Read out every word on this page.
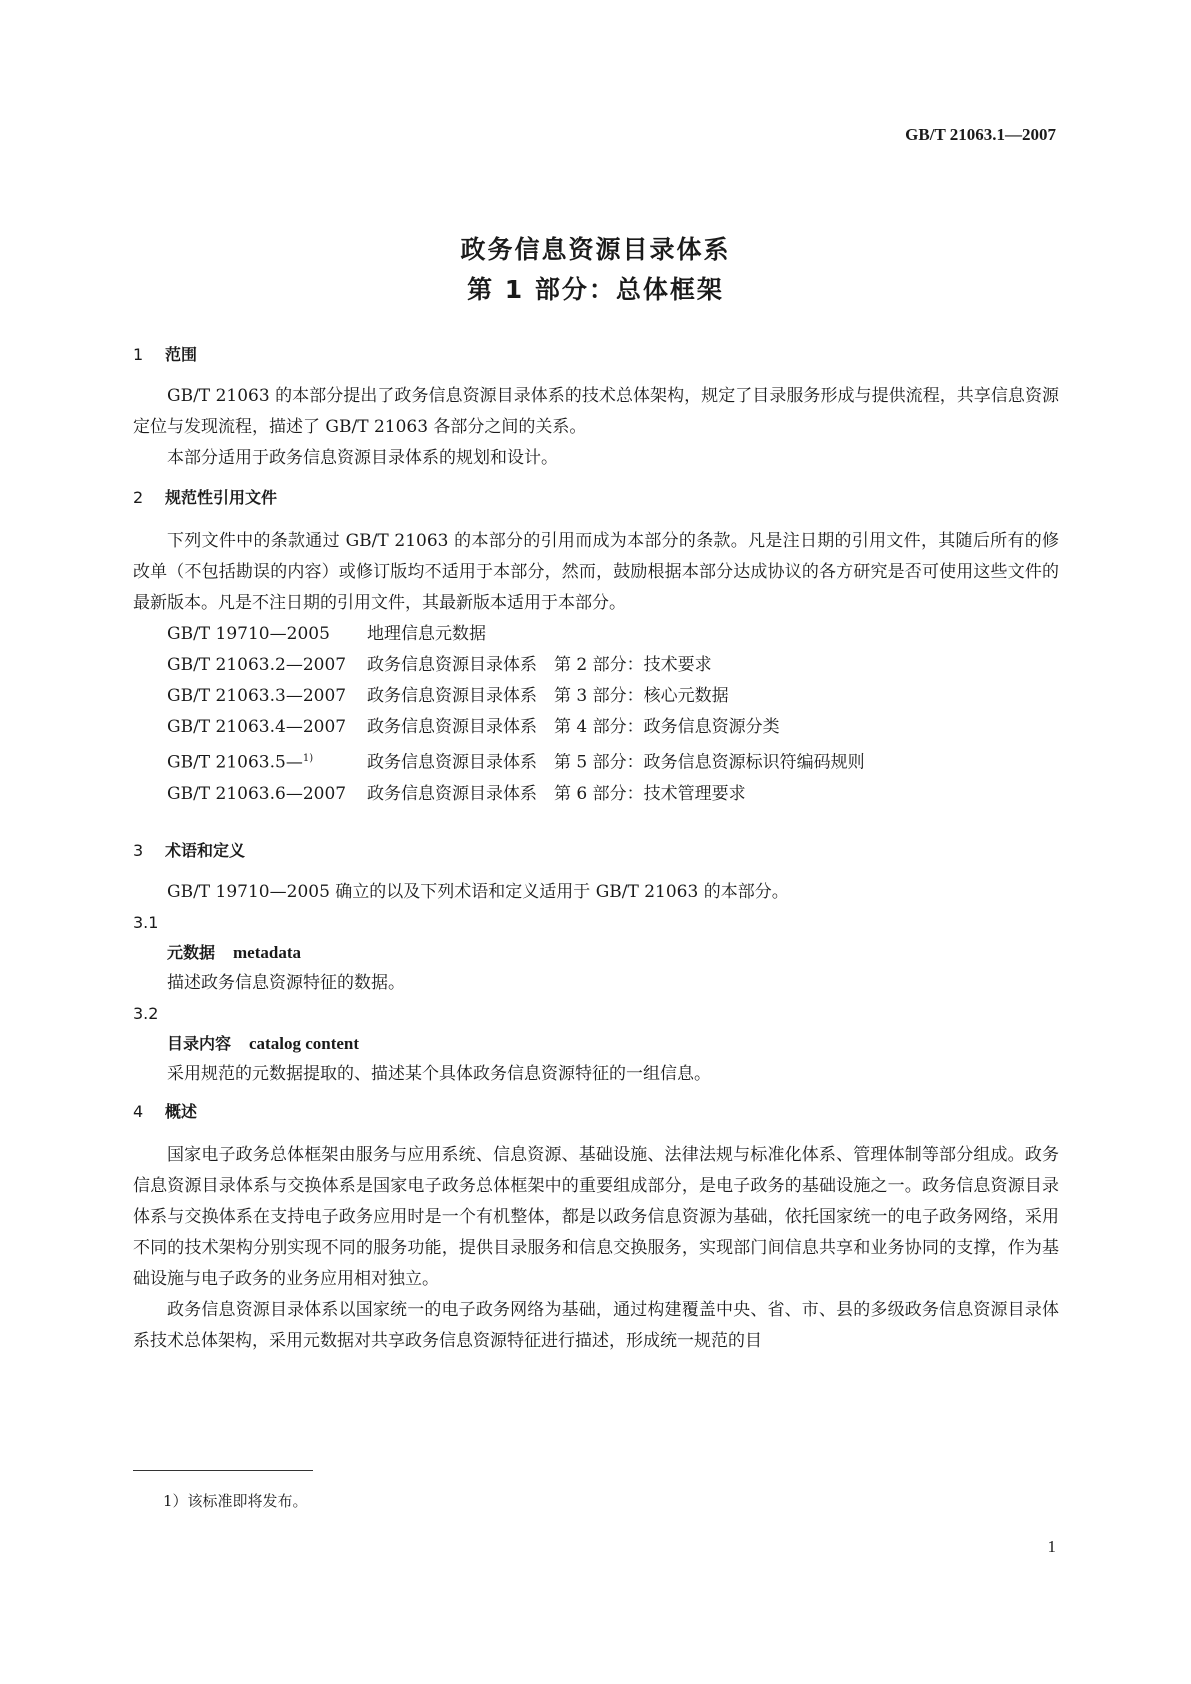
GB/T 21063.1—2007
政务信息资源目录体系
第 1 部分：总体框架
1 范围

GB/T 21063 的本部分提出了政务信息资源目录体系的技术总体架构，规定了目录服务形成与提供流程，共享信息资源定位与发现流程，描述了 GB/T 21063 各部分之间的关系。

本部分适用于政务信息资源目录体系的规划和设计。

2 规范性引用文件

下列文件中的条款通过 GB/T 21063 的本部分的引用而成为本部分的条款。凡是注日期的引用文件，其随后所有的修改单（不包括勘误的内容）或修订版均不适用于本部分，然而，鼓励根据本部分达成协议的各方研究是否可使用这些文件的最新版本。凡是不注日期的引用文件，其最新版本适用于本部分。

GB/T 19710—2005 地理信息元数据

GB/T 21063.2—2007 政务信息资源目录体系　第 2 部分：技术要求

GB/T 21063.3—2007 政务信息资源目录体系　第 3 部分：核心元数据

GB/T 21063.4—2007 政务信息资源目录体系　第 4 部分：政务信息资源分类

GB/T 21063.5—$^{1)}$	政务信息资源目录体系　第 5 部分：政务信息资源标识符编码规则

GB/T 21063.6—2007 政务信息资源目录体系　第 6 部分：技术管理要求

3 术语和定义

GB/T 19710—2005 确立的以及下列术语和定义适用于 GB/T 21063 的本部分。

3.1
元数据 metadata

描述政务信息资源特征的数据。

3.2
目录内容 catalog content

采用规范的元数据提取的、描述某个具体政务信息资源特征的一组信息。

4 概述

国家电子政务总体框架由服务与应用系统、信息资源、基础设施、法律法规与标准化体系、管理体制等部分组成。政务信息资源目录体系与交换体系是国家电子政务总体框架中的重要组成部分，是电子政务的基础设施之一。政务信息资源目录体系与交换体系在支持电子政务应用时是一个有机整体，都是以政务信息资源为基础，依托国家统一的电子政务网络，采用不同的技术架构分别实现不同的服务功能，提供目录服务和信息交换服务，实现部门间信息共享和业务协同的支撑，作为基础设施与电子政务的业务应用相对独立。

政务信息资源目录体系以国家统一的电子政务网络为基础，通过构建覆盖中央、省、市、县的多级政务信息资源目录体系技术总体架构，采用元数据对共享政务信息资源特征进行描述，形成统一规范的目

1）该标准即将发布。
1
